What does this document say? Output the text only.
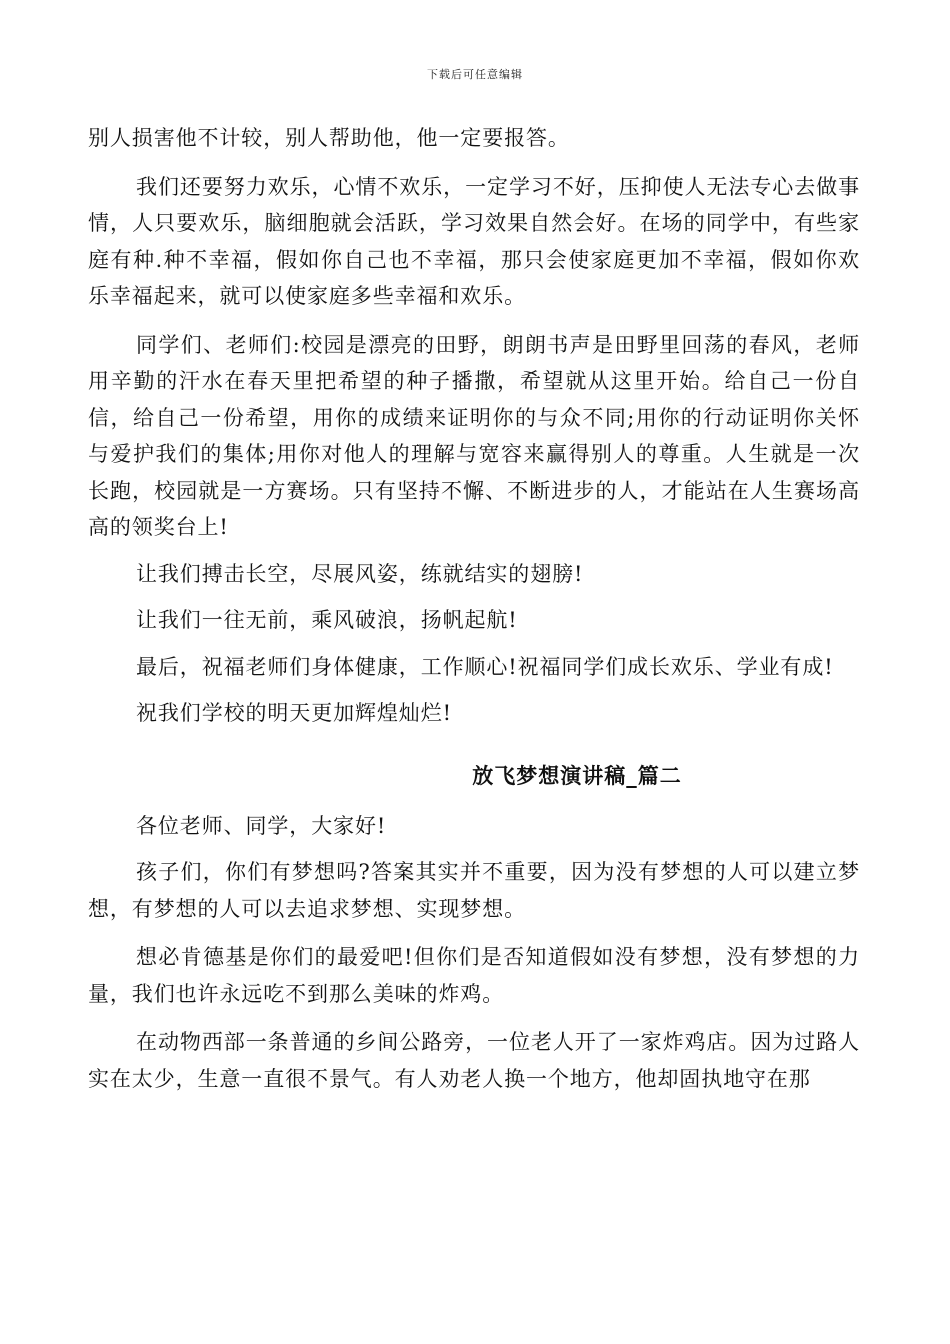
下载后可任意编辑

别人损害他不计较，别人帮助他，他一定要报答。

我们还要努力欢乐，心情不欢乐，一定学习不好，压抑使人无法专心去做事情，人只要欢乐，脑细胞就会活跃，学习效果自然会好。在场的同学中，有些家庭有种.种不幸福，假如你自己也不幸福，那只会使家庭更加不幸福，假如你欢乐幸福起来，就可以使家庭多些幸福和欢乐。

同学们、老师们:校园是漂亮的田野，朗朗书声是田野里回荡的春风，老师用辛勤的汗水在春天里把希望的种子播撒，希望就从这里开始。给自己一份自信，给自己一份希望，用你的成绩来证明你的与众不同;用你的行动证明你关怀与爱护我们的集体;用你对他人的理解与宽容来赢得别人的尊重。人生就是一次长跑，校园就是一方赛场。只有坚持不懈、不断进步的人，才能站在人生赛场高高的领奖台上!

让我们搏击长空，尽展风姿，练就结实的翅膀!

让我们一往无前，乘风破浪，扬帆起航!

最后，祝福老师们身体健康，工作顺心!祝福同学们成长欢乐、学业有成!

祝我们学校的明天更加辉煌灿烂!

放飞梦想演讲稿_篇二

各位老师、同学，大家好!

孩子们，你们有梦想吗?答案其实并不重要，因为没有梦想的人可以建立梦想，有梦想的人可以去追求梦想、实现梦想。

想必肯德基是你们的最爱吧!但你们是否知道假如没有梦想，没有梦想的力量，我们也许永远吃不到那么美味的炸鸡。

在动物西部一条普通的乡间公路旁，一位老人开了一家炸鸡店。因为过路人实在太少，生意一直很不景气。有人劝老人换一个地方，他却固执地守在那
